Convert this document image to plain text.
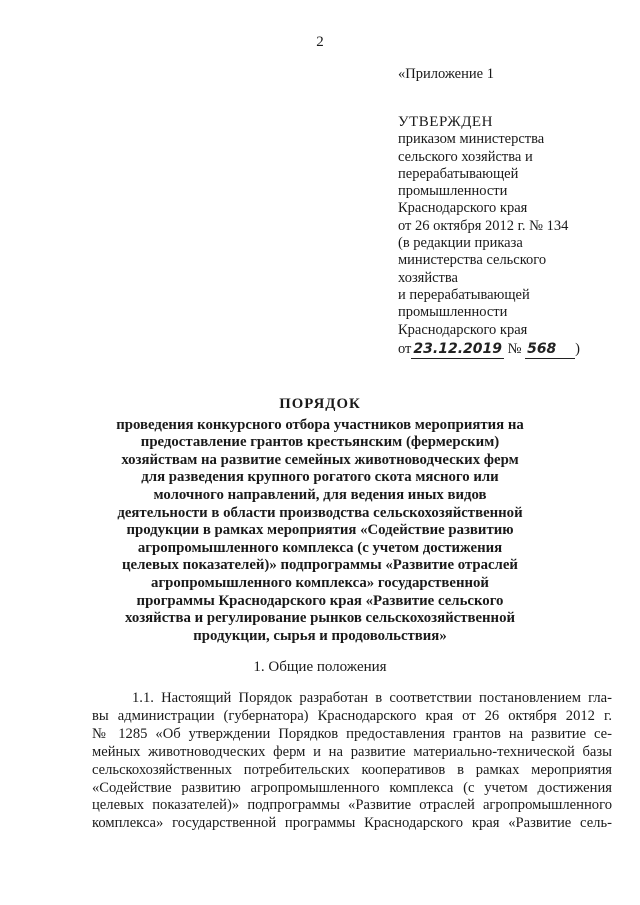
2
«Приложение 1
УТВЕРЖДЕН
приказом министерства
сельского хозяйства и
перерабатывающей
промышленности
Краснодарского края
от 26 октября 2012 г. № 134
(в редакции приказа
министерства сельского
хозяйства
и перерабатывающей
промышленности
Краснодарского края
от 23.12.2019 № 568 )
ПОРЯДОК
проведения конкурсного отбора участников мероприятия на
предоставление грантов крестьянским (фермерским)
хозяйствам на развитие семейных животноводческих ферм
для разведения крупного рогатого скота мясного или
молочного направлений, для ведения иных видов
деятельности в области производства сельскохозяйственной
продукции в рамках мероприятия «Содействие развитию
агропромышленного комплекса (с учетом достижения
целевых показателей)» подпрограммы «Развитие отраслей
агропромышленного комплекса» государственной
программы Краснодарского края «Развитие сельского
хозяйства и регулирование рынков сельскохозяйственной
продукции, сырья и продовольствия»
1. Общие положения
1.1. Настоящий Порядок разработан в соответствии постановлением гла-
вы администрации (губернатора) Краснодарского края от 26 октября 2012 г.
№ 1285 «Об утверждении Порядков предоставления грантов на развитие се-
мейных животноводческих ферм и на развитие материально-технической базы
сельскохозяйственных потребительских кооперативов в рамках мероприятия
«Содействие развитию агропромышленного комплекса (с учетом достижения
целевых показателей)» подпрограммы «Развитие отраслей агропромышленного
комплекса» государственной программы Краснодарского края «Развитие сель-
